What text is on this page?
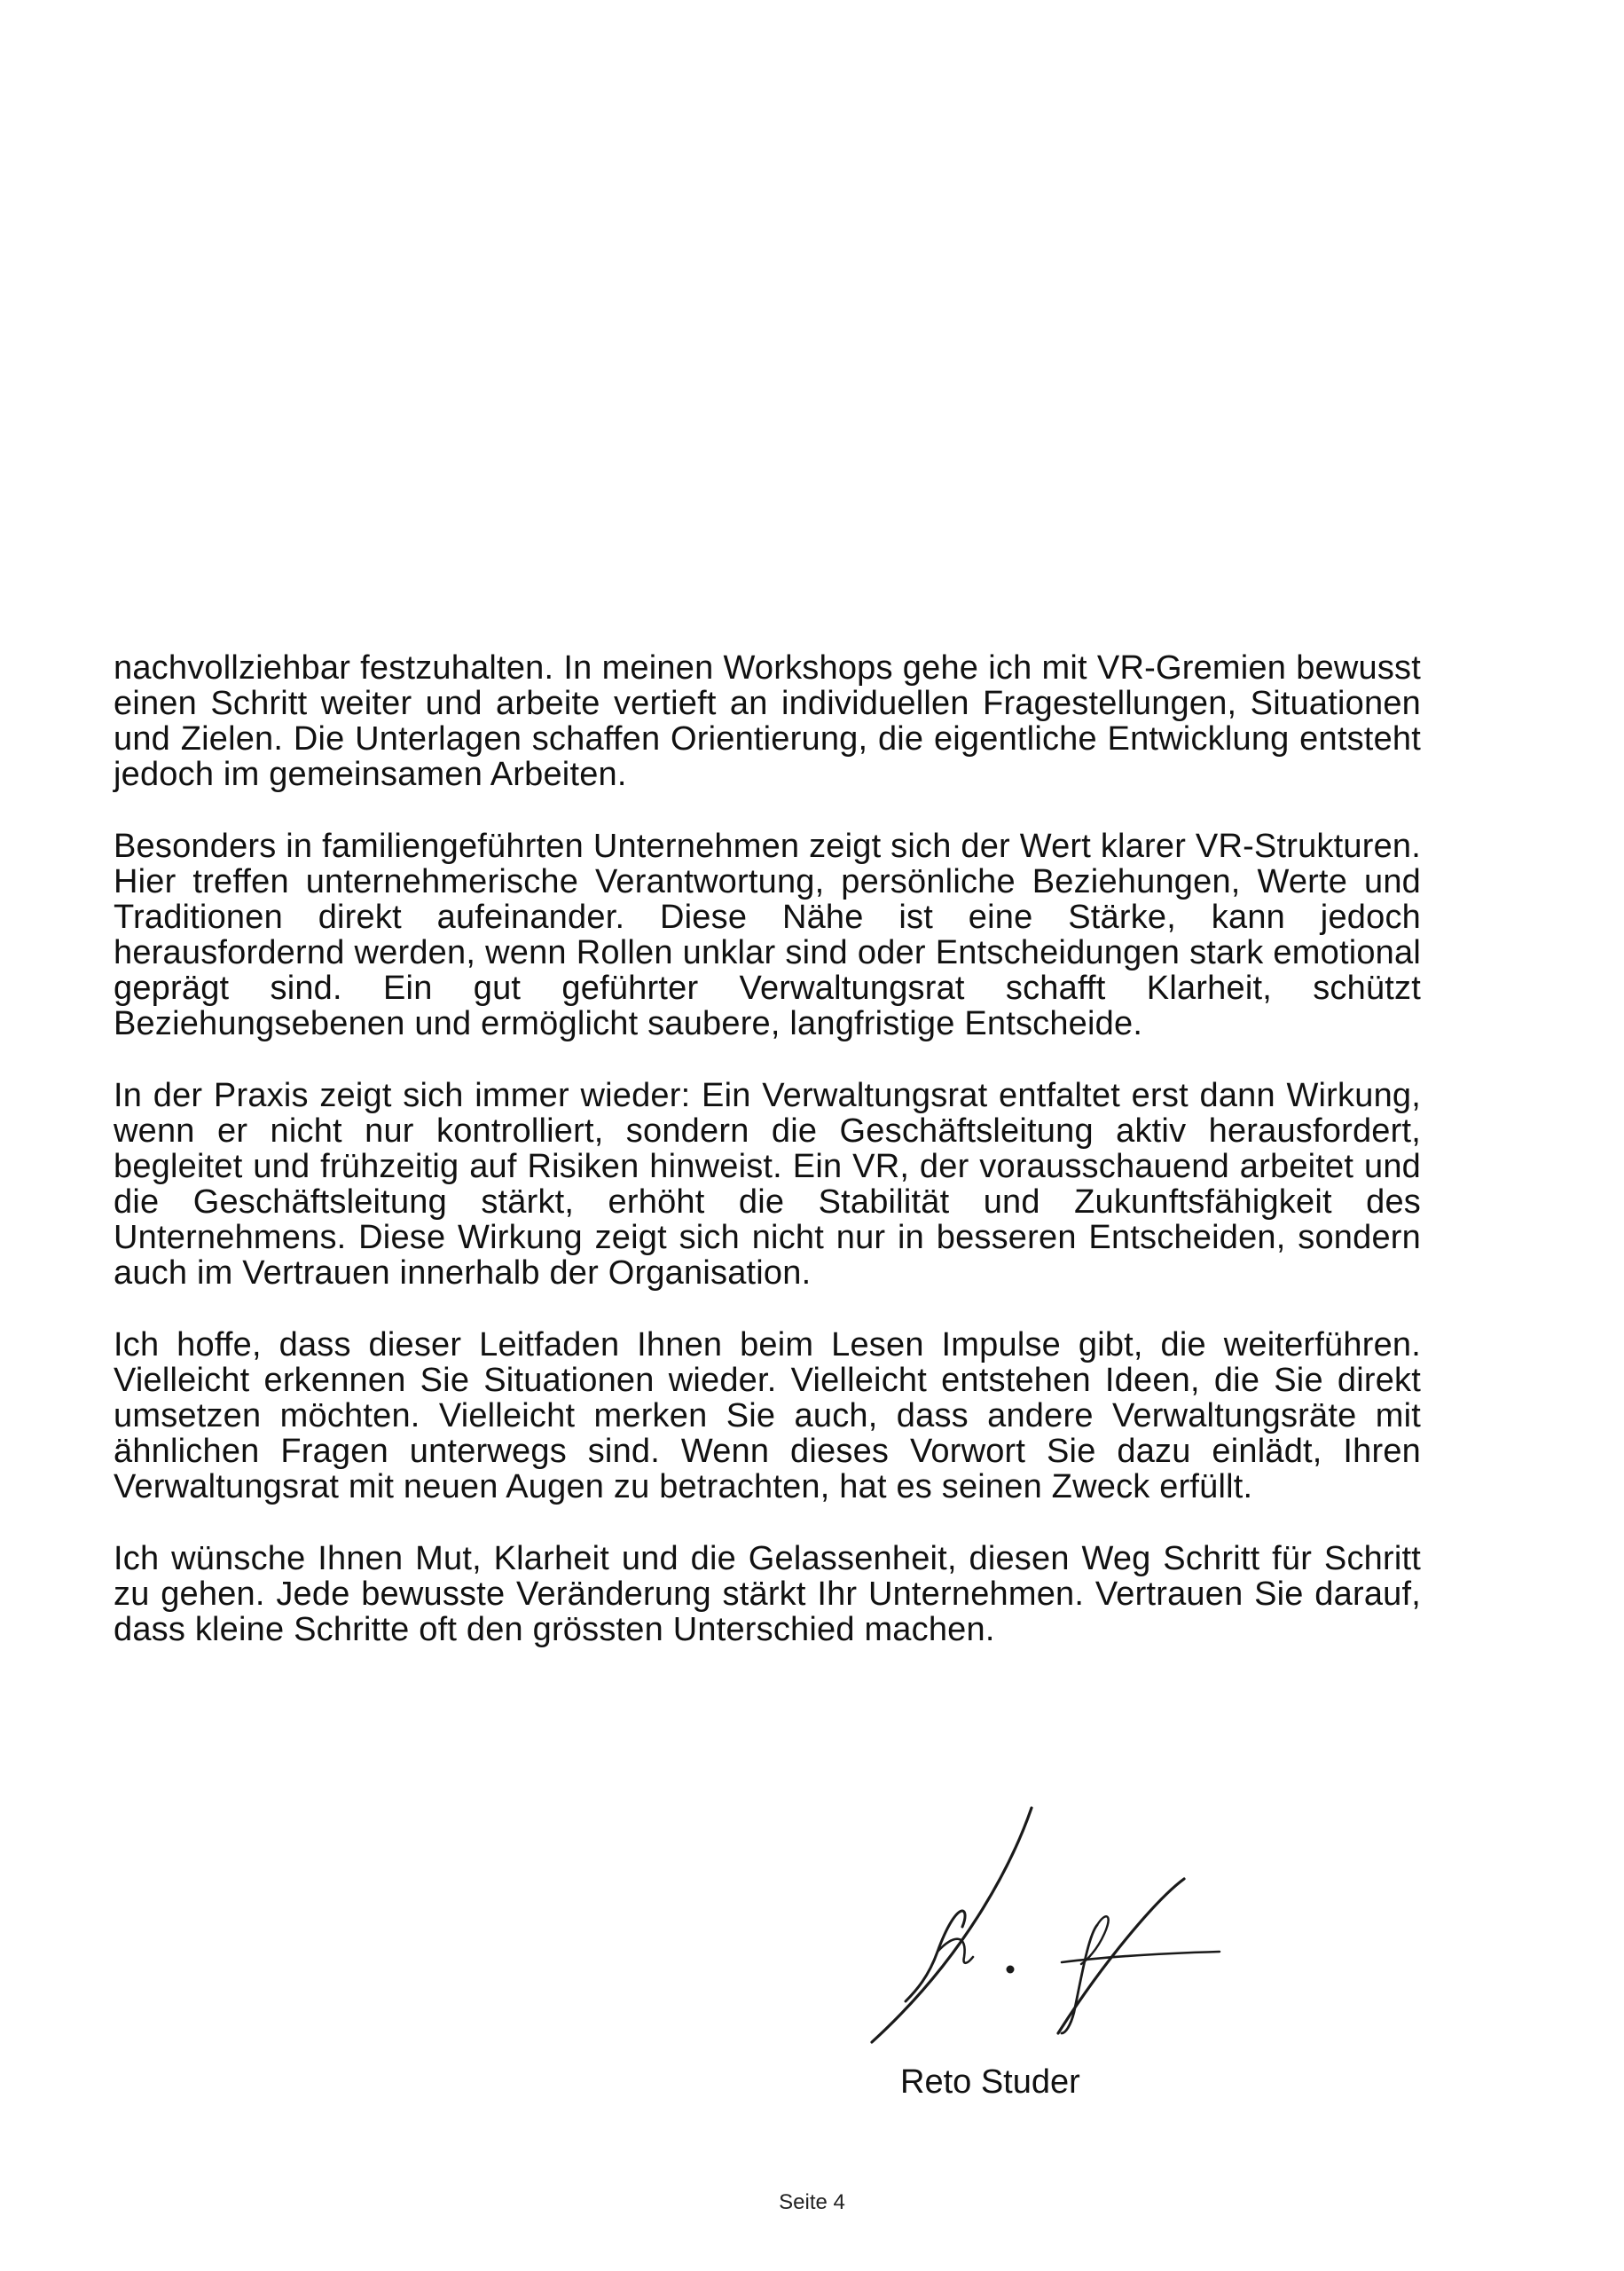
nachvollziehbar festzuhalten. In meinen Workshops gehe ich mit VR-Gremien bewusst einen Schritt weiter und arbeite vertieft an individuellen Fragestellungen, Situationen und Zielen. Die Unterlagen schaffen Orientierung, die eigentliche Entwicklung entsteht jedoch im gemeinsamen Arbeiten.

Besonders in familiengeführten Unternehmen zeigt sich der Wert klarer VR-Strukturen. Hier treffen unternehmerische Verantwortung, persönliche Beziehungen, Werte und Traditionen direkt aufeinander. Diese Nähe ist eine Stärke, kann jedoch herausfordernd werden, wenn Rollen unklar sind oder Entscheidungen stark emotional geprägt sind. Ein gut geführter Verwaltungsrat schafft Klarheit, schützt Beziehungsebenen und ermöglicht saubere, langfristige Entscheide.

In der Praxis zeigt sich immer wieder: Ein Verwaltungsrat entfaltet erst dann Wirkung, wenn er nicht nur kontrolliert, sondern die Geschäftsleitung aktiv herausfordert, begleitet und frühzeitig auf Risiken hinweist. Ein VR, der vorausschauend arbeitet und die Geschäftsleitung stärkt, erhöht die Stabilität und Zukunftsfähigkeit des Unternehmens. Diese Wirkung zeigt sich nicht nur in besseren Entscheiden, sondern auch im Vertrauen innerhalb der Organisation.

Ich hoffe, dass dieser Leitfaden Ihnen beim Lesen Impulse gibt, die weiterführen. Vielleicht erkennen Sie Situationen wieder. Vielleicht entstehen Ideen, die Sie direkt umsetzen möchten. Vielleicht merken Sie auch, dass andere Verwaltungsräte mit ähnlichen Fragen unterwegs sind. Wenn dieses Vorwort Sie dazu einlädt, Ihren Verwaltungsrat mit neuen Augen zu betrachten, hat es seinen Zweck erfüllt.

Ich wünsche Ihnen Mut, Klarheit und die Gelassenheit, diesen Weg Schritt für Schritt zu gehen. Jede bewusste Veränderung stärkt Ihr Unternehmen. Vertrauen Sie darauf, dass kleine Schritte oft den grössten Unterschied machen.

Reto Studer
Seite 4
